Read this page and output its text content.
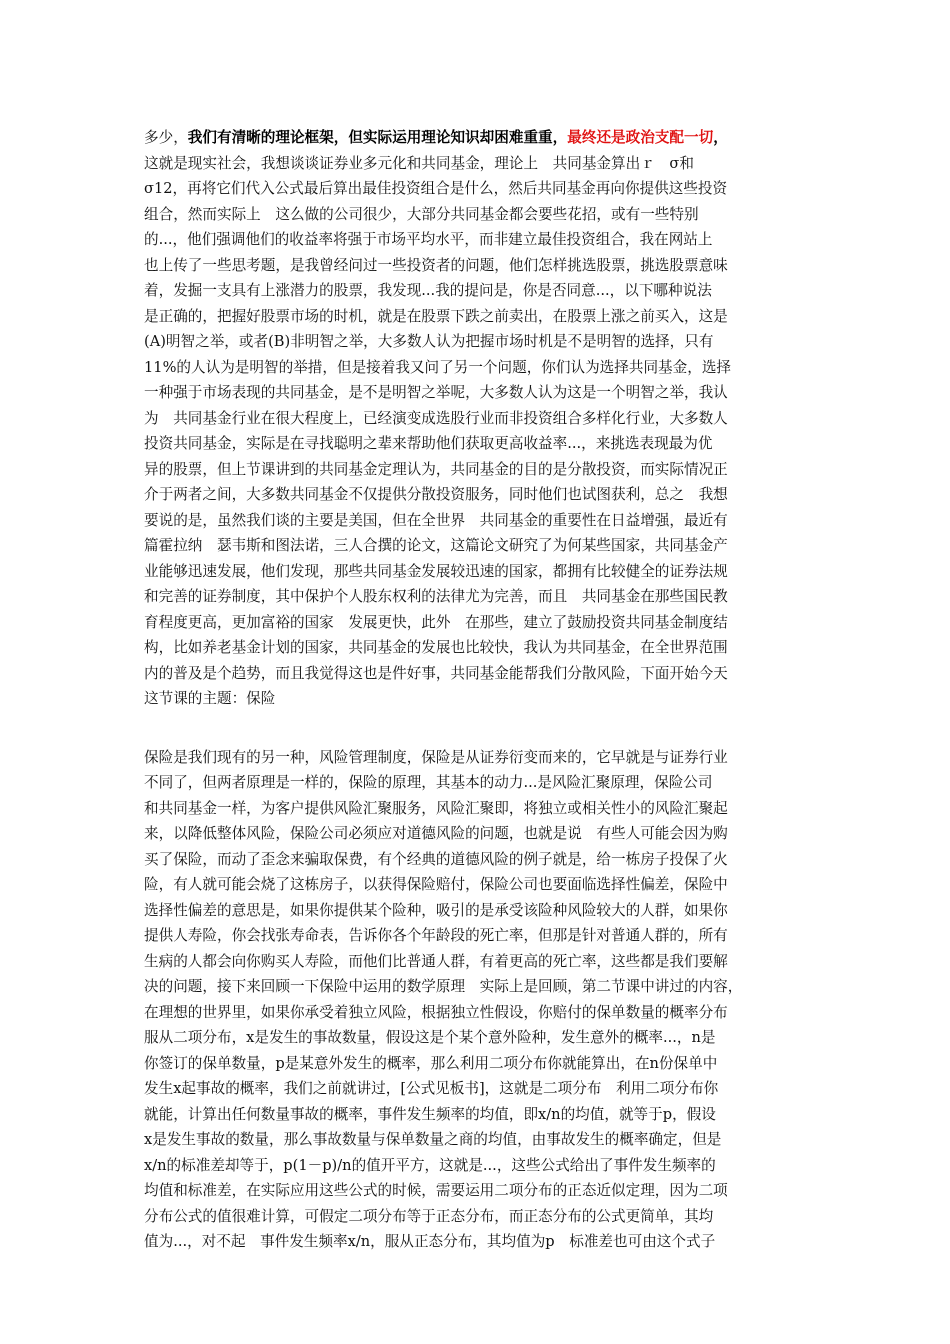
多少，我们有清晰的理论框架，但实际运用理论知识却困难重重，最终还是政治支配一切，
这就是现实社会，我想谈谈证券业多元化和共同基金，理论上　共同基金算出ｒ　σ和
σ12，再将它们代入公式最后算出最佳投资组合是什么，然后共同基金再向你提供这些投资
组合，然而实际上　这么做的公司很少，大部分共同基金都会要些花招，或有一些特别
的...，他们强调他们的收益率将强于市场平均水平，而非建立最佳投资组合，我在网站上
也上传了一些思考题，是我曾经问过一些投资者的问题，他们怎样挑选股票，挑选股票意味
着，发掘一支具有上涨潜力的股票，我发现...我的提问是，你是否同意...，以下哪种说法
是正确的，把握好股票市场的时机，就是在股票下跌之前卖出，在股票上涨之前买入，这是
(A)明智之举，或者(B)非明智之举，大多数人认为把握市场时机是不是明智的选择，只有
11%的人认为是明智的举措，但是接着我又问了另一个问题，你们认为选择共同基金，选择
一种强于市场表现的共同基金，是不是明智之举呢，大多数人认为这是一个明智之举，我认
为　共同基金行业在很大程度上，已经演变成选股行业而非投资组合多样化行业，大多数人
投资共同基金，实际是在寻找聪明之辈来帮助他们获取更高收益率...，来挑选表现最为优
异的股票，但上节课讲到的共同基金定理认为，共同基金的目的是分散投资，而实际情况正
介于两者之间，大多数共同基金不仅提供分散投资服务，同时他们也试图获利，总之　我想
要说的是，虽然我们谈的主要是美国，但在全世界　共同基金的重要性在日益增强，最近有
篇霍拉纳　瑟韦斯和图法诺，三人合撰的论文，这篇论文研究了为何某些国家，共同基金产
业能够迅速发展，他们发现，那些共同基金发展较迅速的国家，都拥有比较健全的证券法规
和完善的证券制度，其中保护个人股东权利的法律尤为完善，而且　共同基金在那些国民教
育程度更高，更加富裕的国家　发展更快，此外　在那些，建立了鼓励投资共同基金制度结
构，比如养老基金计划的国家，共同基金的发展也比较快，我认为共同基金，在全世界范围
内的普及是个趋势，而且我觉得这也是件好事，共同基金能帮我们分散风险，下面开始今天
这节课的主题：保险
保险是我们现有的另一种，风险管理制度，保险是从证券衍变而来的，它早就是与证券行业
不同了，但两者原理是一样的，保险的原理，其基本的动力...是风险汇聚原理，保险公司
和共同基金一样，为客户提供风险汇聚服务，风险汇聚即，将独立或相关性小的风险汇聚起
来，以降低整体风险，保险公司必须应对道德风险的问题，也就是说　有些人可能会因为购
买了保险，而动了歪念来骗取保费，有个经典的道德风险的例子就是，给一栋房子投保了火
险，有人就可能会烧了这栋房子，以获得保险赔付，保险公司也要面临选择性偏差，保险中
选择性偏差的意思是，如果你提供某个险种，吸引的是承受该险种风险较大的人群，如果你
提供人寿险，你会找张寿命表，告诉你各个年龄段的死亡率，但那是针对普通人群的，所有
生病的人都会向你购买人寿险，而他们比普通人群，有着更高的死亡率，这些都是我们要解
决的问题，接下来回顾一下保险中运用的数学原理　实际上是回顾，第二节课中讲过的内容，
在理想的世界里，如果你承受着独立风险，根据独立性假设，你赔付的保单数量的概率分布
服从二项分布，x是发生的事故数量，假设这是个某个意外险种，发生意外的概率...，n是
你签订的保单数量，p是某意外发生的概率，那么利用二项分布你就能算出，在n份保单中
发生x起事故的概率，我们之前就讲过，[公式见板书]，这就是二项分布　利用二项分布你
就能，计算出任何数量事故的概率，事件发生频率的均值，即x/n的均值，就等于p，假设
x是发生事故的数量，那么事故数量与保单数量之商的均值，由事故发生的概率确定，但是
x/n的标准差却等于，p(1－p)/n的值开平方，这就是...，这些公式给出了事件发生频率的
均值和标准差，在实际应用这些公式的时候，需要运用二项分布的正态近似定理，因为二项
分布公式的值很难计算，可假定二项分布等于正态分布，而正态分布的公式更简单，其均
值为...，对不起　事件发生频率x/n，服从正态分布，其均值为p　标准差也可由这个式子
